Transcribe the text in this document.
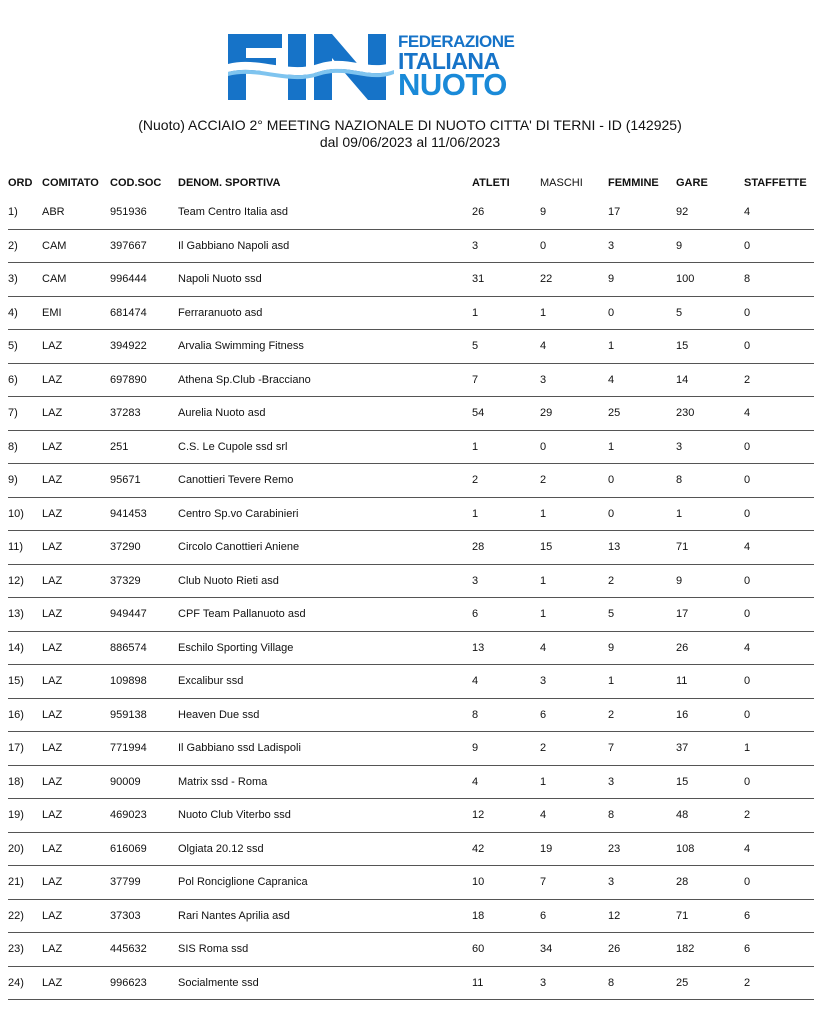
FEDERAZIONE
ITALIANA
NUOTO
(Nuoto) ACCIAIO 2° MEETING NAZIONALE DI NUOTO CITTA' DI TERNI - ID (142925)
dal 09/06/2023 al 11/06/2023
ORD	COMITATO	COD.SOC	DENOM. SPORTIVA	ATLETI	MASCHI	FEMMINE	GARE	STAFFETTE
1)	ABR	951936	Team Centro Italia asd	26	9	17	92	4
2)	CAM	397667	Il Gabbiano Napoli asd	3	0	3	9	0
3)	CAM	996444	Napoli Nuoto ssd	31	22	9	100	8
4)	EMI	681474	Ferraranuoto asd	1	1	0	5	0
5)	LAZ	394922	Arvalia Swimming Fitness	5	4	1	15	0
6)	LAZ	697890	Athena Sp.Club -Bracciano	7	3	4	14	2
7)	LAZ	37283	Aurelia Nuoto asd	54	29	25	230	4
8)	LAZ	251	C.S. Le Cupole ssd srl	1	0	1	3	0
9)	LAZ	95671	Canottieri Tevere Remo	2	2	0	8	0
10)	LAZ	941453	Centro Sp.vo Carabinieri	1	1	0	1	0
11)	LAZ	37290	Circolo Canottieri Aniene	28	15	13	71	4
12)	LAZ	37329	Club Nuoto Rieti asd	3	1	2	9	0
13)	LAZ	949447	CPF Team Pallanuoto asd	6	1	5	17	0
14)	LAZ	886574	Eschilo Sporting Village	13	4	9	26	4
15)	LAZ	109898	Excalibur ssd	4	3	1	11	0
16)	LAZ	959138	Heaven Due ssd	8	6	2	16	0
17)	LAZ	771994	Il Gabbiano ssd Ladispoli	9	2	7	37	1
18)	LAZ	90009	Matrix ssd - Roma	4	1	3	15	0
19)	LAZ	469023	Nuoto Club Viterbo ssd	12	4	8	48	2
20)	LAZ	616069	Olgiata 20.12 ssd	42	19	23	108	4
21)	LAZ	37799	Pol Ronciglione Capranica	10	7	3	28	0
22)	LAZ	37303	Rari Nantes Aprilia asd	18	6	12	71	6
23)	LAZ	445632	SIS Roma ssd	60	34	26	182	6
24)	LAZ	996623	Socialmente ssd	11	3	8	25	2
